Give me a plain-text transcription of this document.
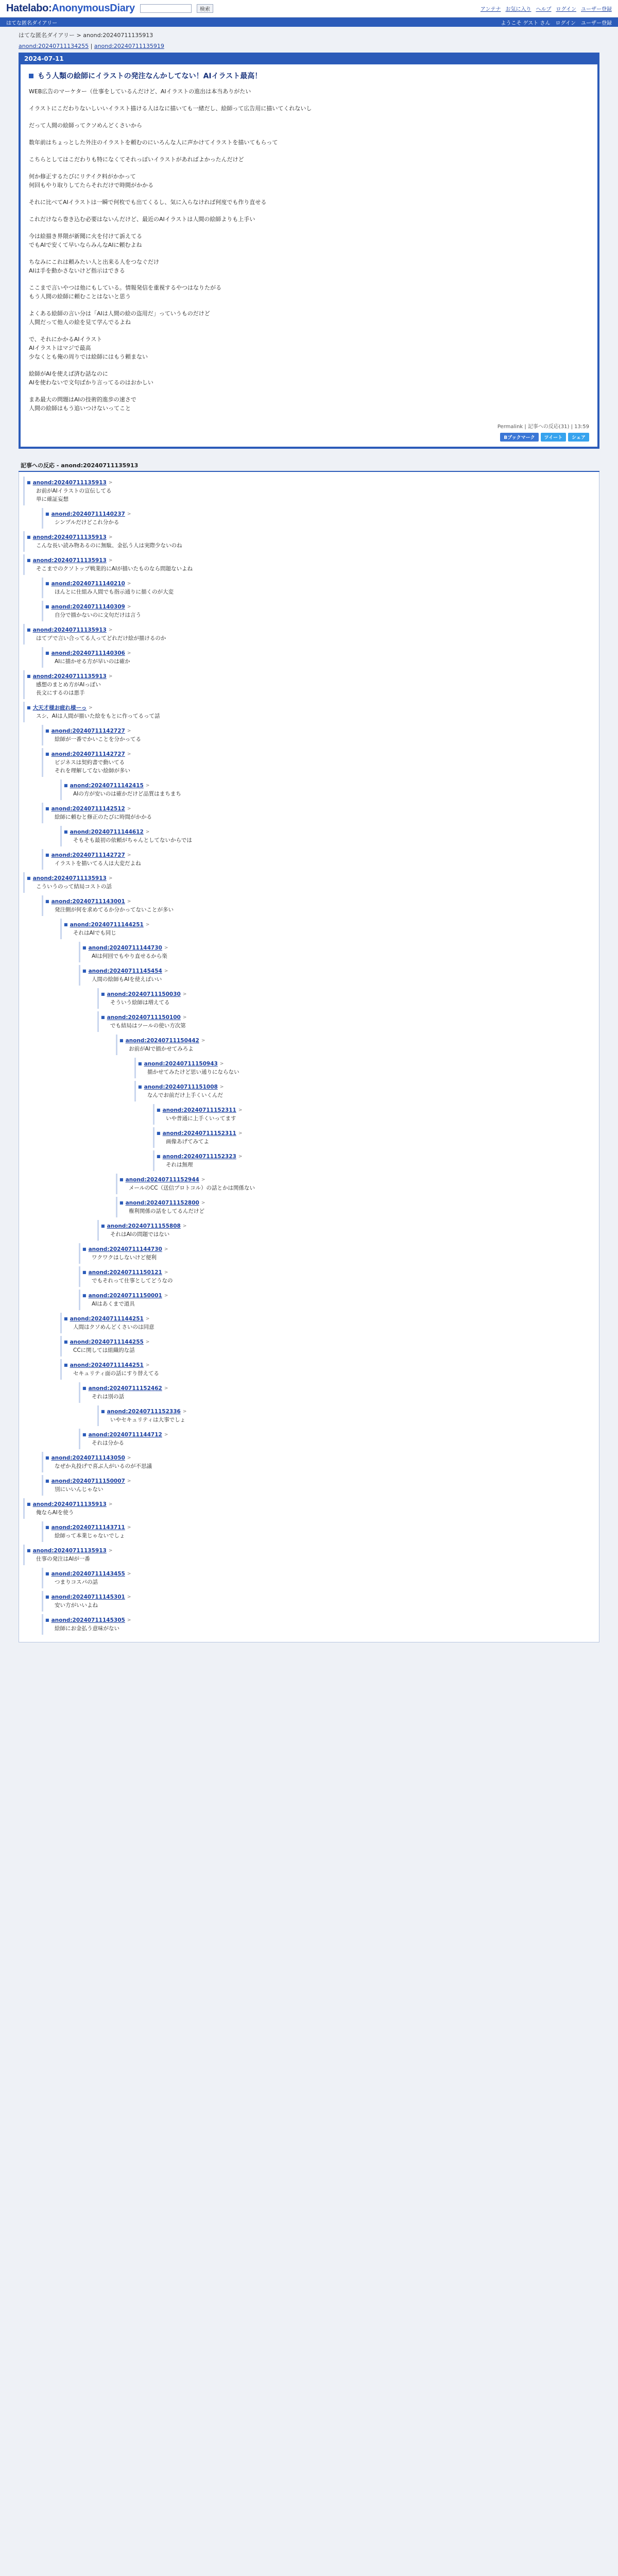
Hatelabo:AnonymousDiary	検索	アンテナ お気に入り ヘルプ ログイン ユーザー登録
はてな匿名ダイアリー	ようこそ ゲスト さん ログイン ユーザー登録
はてな匿名ダイアリー > anond:20240711135913
anond:20240711134255 | anond:20240711135919
2024-07-11
もう人類の絵師にイラストの発注なんかしてない！AIイラスト最高！

WEB広告のマーケター（仕事をしているんだけど、AIイラストの進出は本当ありがたい

イラストにこだわりないしいいイラスト描ける人はなに描いても一緒だし、絵師って広告用に描いてくれないし

だって人間の絵師ってクソめんどくさいから

数年前はちょっとした外注のイラストを頼むのにいろんな人に声かけてイラストを描いてもらって

こちらとしてはこだわりも特になくてそれっぽいイラストがあればよかったんだけど

何か修正するたびにリテイク料がかかって
何回もやり取りしてたらそれだけで時間がかかる

それに比べてAIイラストは一瞬で何枚でも出てくるし、気に入らなければ何度でも作り直せる

これだけなら巻き込む必要はないんだけど、最近のAIイラストは人間の絵師よりも上手い

今は絵描き界隈が新聞に火を付けて訴えてる
でもAIで安くて早いならみんなAIに頼むよね

ちなみにこれは頼みたい人と出来る人をつなぐだけ
AIは手を動かさないけど指示はできる

ここまで言いやつは他にもしている。情報発信を重視するやつはなりたがる
もう人間の絵師に頼むことはないと思う

よくある絵師の言い分は「AIは人間の絵の盗用だ」っていうものだけど
人間だって他人の絵を見て学んでるよね

で、それにかかるAIイラスト
AIイラストはマジで最高
少なくとも俺の周りでは絵師にはもう頼まない

絵師がAIを使えば済む話なのに
AIを使わないで文句ばかり言ってるのはおかしい

まあ最大の問題はAIの技術的進歩の速さで
人間の絵師はもう追いつけないってこと

Permalink | 記事への反応(31) | 13:59
Bブックマーク	ツイート	シェア
記事への反応 - anond:20240711135913
■ anond:20240711135913 >
お前がAIイラストの宣伝してる
単に確証妄想
■ anond:20240711140237 >
シンプルだけどこれ分かる
■ anond:20240711135913 >
こんな長い読み物あるのに無駄、金払う人は実際少ないのね
■ anond:20240711135913 >
そこまでのクソトップ戦業的にAIが描いたものなら問題ないよね
■ anond:20240711140210 >
ほんとに仕組み人間でも指示通りに描くのが大変
■ anond:20240711140309 >
自分で描かないのに文句だけは言う
■ anond:20240711135913 >
はてブで言い合ってる人ってどれだけ絵が描けるのか
■ anond:20240711140306 >
AIに描かせる方が早いのは確か
■ anond:20240711135913 >
感想のまとめ方がAIっぽい
長文にするのは悪手
■ 大天才様お疲れ様ーっ >
スシ、AIは人間が描いた絵をもとに作ってるって話
■ anond:20240711142727 >
絵師が一番でかいことを分かってる
■ anond:20240711142727 >
ビジネスは契約書で動いてる
それを理解してない絵師が多い
■ anond:20240711142415 >
AIの方が安いのは確かだけど品質はまちまち
■ anond:20240711142512 >
絵師に頼むと修正のたびに時間がかかる
■ anond:20240711144612 >
そもそも最初の依頼がちゃんとしてないからでは
■ anond:20240711142727 >
イラストを描いてる人は大変だよね
■ anond:20240711135913 >
こういうのって結局コストの話
■ anond:20240711143001 >
発注側が何を求めてるか分かってないことが多い
■ anond:20240711144251 >
それはAIでも同じ
■ anond:20240711144730 >
AIは何回でもやり直せるから楽
■ anond:20240711145454 >
人間の絵師もAIを使えばいい
■ anond:20240711150030 >
そういう絵師は増えてる
■ anond:20240711150100 >
でも結局はツールの使い方次第
■ anond:20240711150442 >
お前がAIで描かせてみろよ
■ anond:20240711150943 >
描かせてみたけど思い通りにならない
■ anond:20240711151008 >
なんでお前だけ上手くいくんだ
■ anond:20240711152311 >
いや普通に上手くいってます
■ anond:20240711152311 >
画像あげてみてよ
■ anond:20240711152323 >
それは無理
■ anond:20240711152944 >
メールのCC（送信プロトコル）の話とかは関係ない
■ anond:20240711152800 >
権利関係の話をしてるんだけど
■ anond:20240711155808 >
それはAIの問題ではない
■ anond:20240711144730 >
ワクワクはしないけど便利
■ anond:20240711150121 >
でもそれって仕事としてどうなの
■ anond:20240711150001 >
AIはあくまで道具
■ anond:20240711144251 >
人間はクソめんどくさいのは同意
■ anond:20240711144255 >
CCに関しては組織的な話
■ anond:20240711144251 >
セキュリティ面の話にすり替えてる
■ anond:20240711152462 >
それは別の話
■ anond:20240711152336 >
いやセキュリティは大事でしょ
■ anond:20240711144712 >
それは分かる
■ anond:20240711143050 >
なぜか丸投げで喜ぶ人がいるのが不思議
■ anond:20240711150007 >
別にいいんじゃない
■ anond:20240711135913 >
俺ならAIを使う
■ anond:20240711143711 >
絵師って本業じゃないでしょ
■ anond:20240711135913 >
仕事の発注はAIが一番
■ anond:20240711143455 >
つまりコスパの話
■ anond:20240711145301 >
安い方がいいよね
■ anond:20240711145305 >
絵師にお金払う意味がない
